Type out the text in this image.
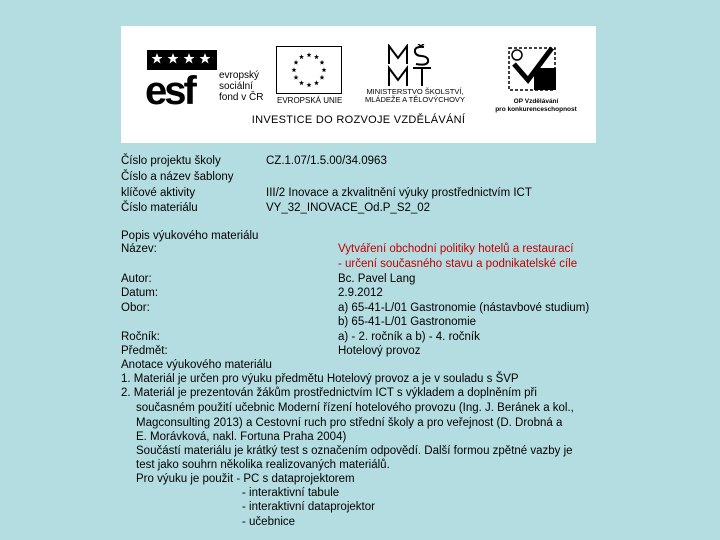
esf	evropský
sociální
fond v ČR EVROPSKÁ UNIE
MINISTERSTVO ŠKOLSTVÍ,
MLÁDEŽE A TĚLOVÝCHOVY	OP Vzdělávání
pro konkurenceschopnost
INVESTICE DO ROZVOJE VZDĚLÁVÁNÍ
Číslo projektu školy	CZ.1.07/1.5.00/34.0963
Číslo a název šablony
klíčové aktivity	III/2 Inovace a zkvalitnění výuky prostřednictvím ICT
Číslo materiálu	VY_32_INOVACE_Od.P_S2_02
Popis výukového materiálu
Název:	Vytváření obchodní politiky hotelů a restaurací
- určení současného stavu a podnikatelské cíle
Autor:	Bc. Pavel Lang
Datum:	2.9.2012
Obor:	a) 65-41-L/01 Gastronomie (nástavbové studium)
b) 65-41-L/01 Gastronomie
Ročník:	a) - 2. ročník a b) - 4. ročník
Předmět:	Hotelový provoz
Anotace výukového materiálu
1. Materiál je určen pro výuku předmětu Hotelový provoz a je v souladu s ŠVP
2. Materiál je prezentován žákům prostřednictvím ICT s výkladem a doplněním při
současném použití učebnic Moderní řízení hotelového provozu (Ing. J. Beránek a kol.,
Magconsulting 2013) a Cestovní ruch pro střední školy a pro veřejnost (D. Drobná a
E. Morávková, nakl. Fortuna Praha 2004)
Součástí materiálu je krátký test s označením odpovědí. Další formou zpětné vazby je
test jako souhrn několika realizovaných materiálů.
Pro výuku je použit - PC s dataprojektorem
- interaktivní tabule
- interaktivní dataprojektor
- učebnice
